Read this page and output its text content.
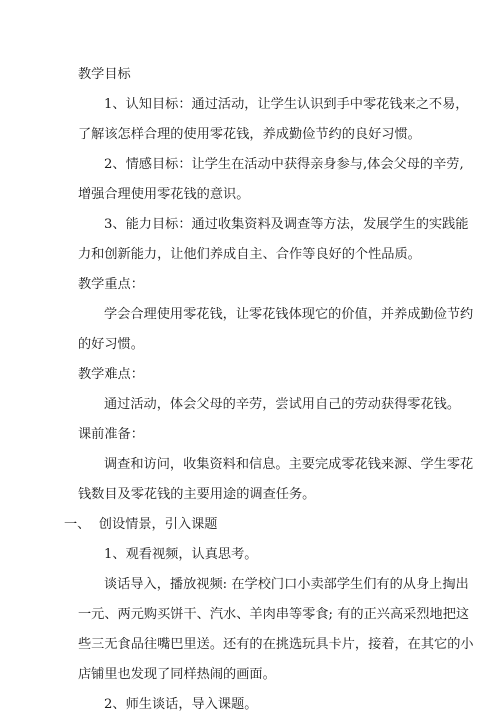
教学目标

1、认知目标：通过活动，让学生认识到手中零花钱来之不易，
了解该怎样合理的使用零花钱，养成勤俭节约的良好习惯。

2、情感目标：让学生在活动中获得亲身参与,体会父母的辛劳,
增强合理使用零花钱的意识。

3、能力目标：通过收集资料及调查等方法，发展学生的实践能
力和创新能力，让他们养成自主、合作等良好的个性品质。

教学重点：

学会合理使用零花钱，让零花钱体现它的价值，并养成勤俭节约
的好习惯。

教学难点：

通过活动，体会父母的辛劳，尝试用自己的劳动获得零花钱。

课前准备：

调查和访问，收集资料和信息。主要完成零花钱来源、学生零花
钱数目及零花钱的主要用途的调查任务。

一、  创设情景，引入课题

1、观看视频，认真思考。

谈话导入，播放视频: 在学校门口小卖部学生们有的从身上掏出
一元、两元购买饼干、汽水、羊肉串等零食; 有的正兴高采烈地把这
些三无食品往嘴巴里送。还有的在挑选玩具卡片，接着，在其它的小
店铺里也发现了同样热闹的画面。

2、师生谈话，导入课题。
